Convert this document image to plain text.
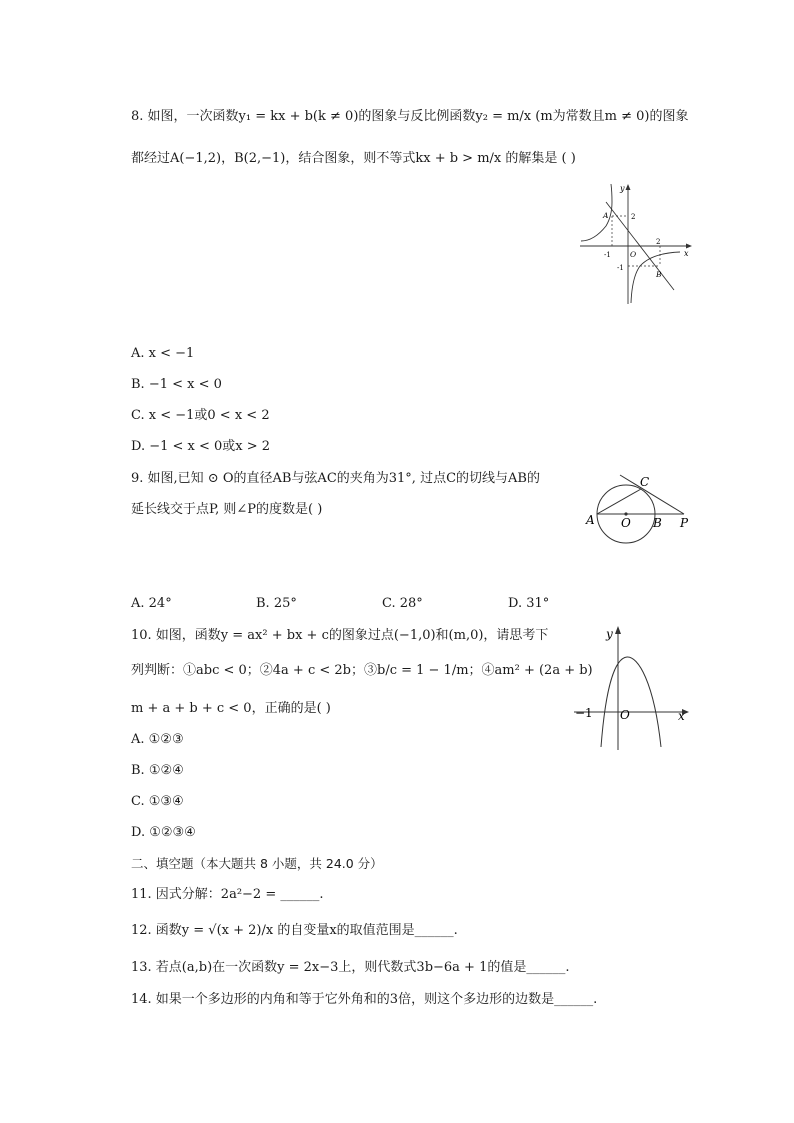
8. 如图，一次函数y₁ = kx + b(k ≠ 0)的图象与反比例函数y₂ = m/x (m为常数且m ≠ 0)的图象
都经过A(−1,2)，B(2,−1)，结合图象，则不等式kx + b > m/x 的解集是 ( )
y
x
A
B
O
2
-1
2
-1
A. x < −1
B. −1 < x < 0
C. x < −1或0 < x < 2
D. −1 < x < 0或x > 2
9. 如图,已知 ⊙ O的直径AB与弦AC的夹角为31°, 过点C的切线与AB的
延长线交于点P, 则∠P的度数是( )
A O B P
C
A. 24°	B. 25°	C. 28°	D. 31°
10. 如图，函数y = ax² + bx + c的图象过点(−1,0)和(m,0)，请思考下
列判断：①abc < 0；②4a + c < 2b；③b/c = 1 − 1/m；④am² + (2a + b)
m + a + b + c < 0，正确的是( )
y
x
−1 O
A. ①②③
B. ①②④
C. ①③④
D. ①②③④
二、填空题（本大题共 8 小题，共 24.0 分）
11. 因式分解：2a²−2 = ______.
12. 函数y = √(x + 2)/x 的自变量x的取值范围是______.
13. 若点(a,b)在一次函数y = 2x−3上，则代数式3b−6a + 1的值是______.
14. 如果一个多边形的内角和等于它外角和的3倍，则这个多边形的边数是______.
